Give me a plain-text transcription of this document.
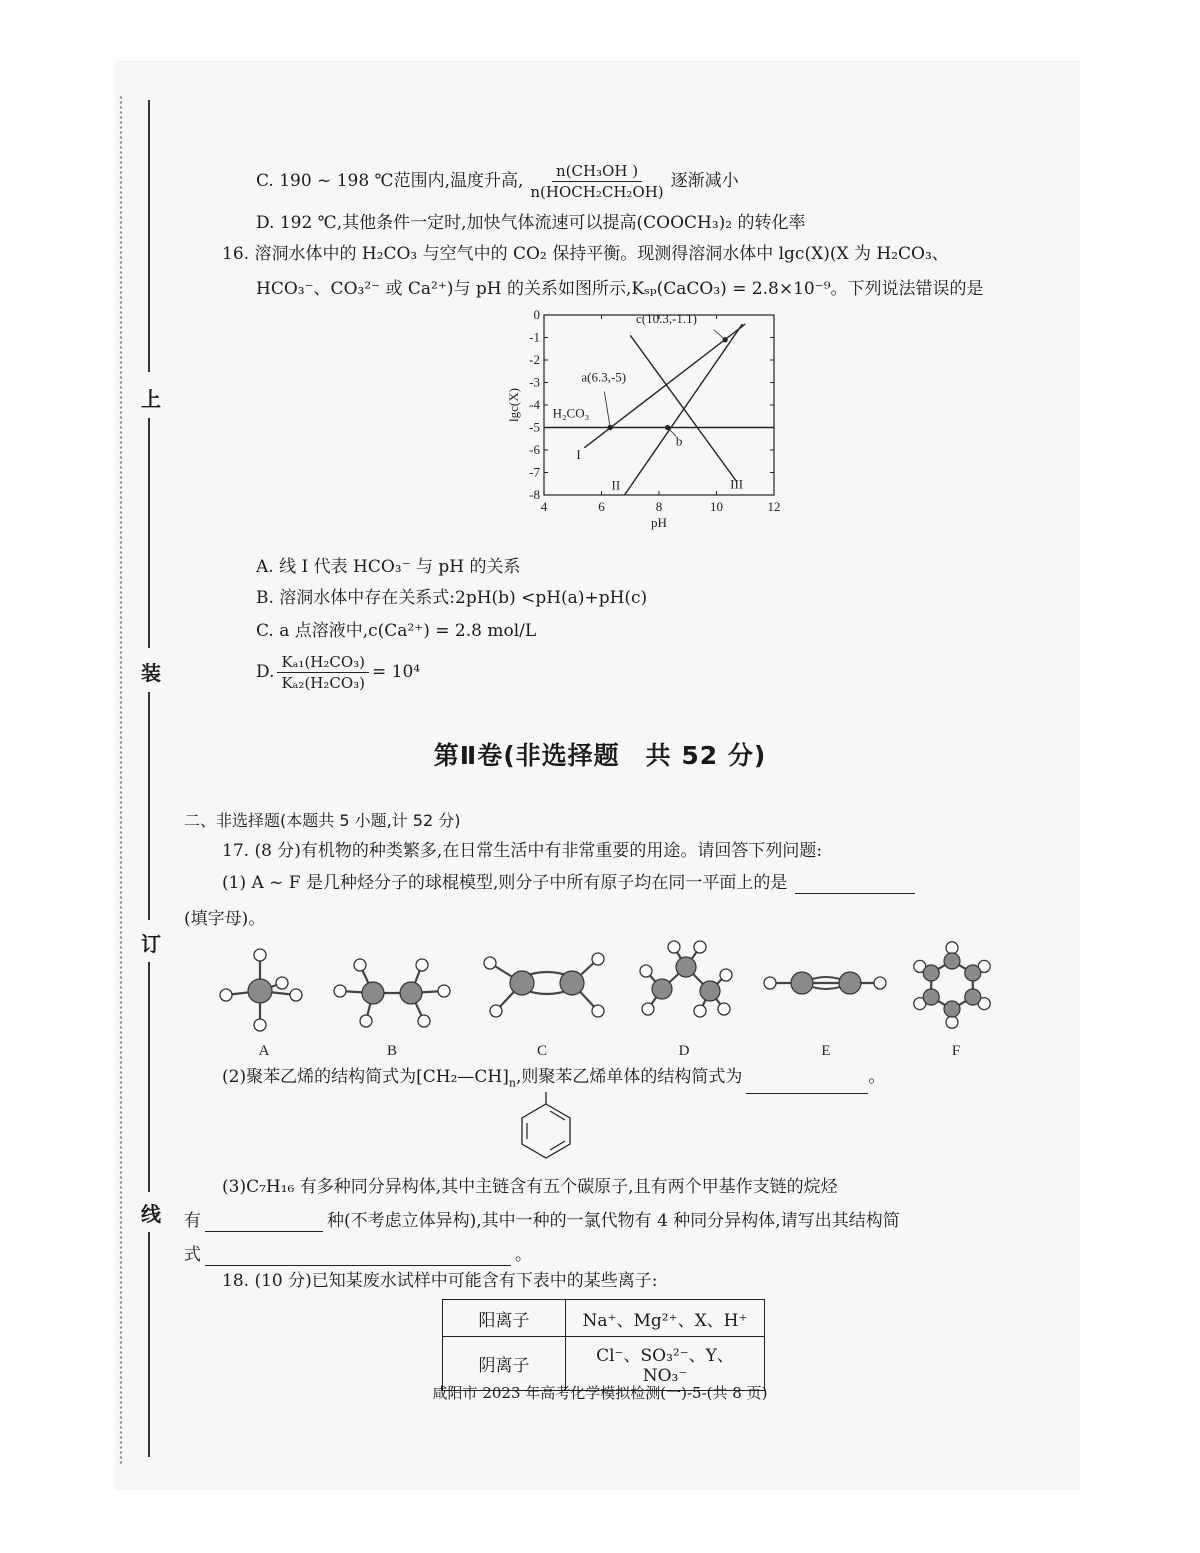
上
装
订
线
C. 190 ~ 198 ℃范围内,温度升高, $\frac{\text{n(CH₃OH )}}{\text{n(HOCH₂CH₂OH)}}$ 逐渐减小
D. 192 ℃,其他条件一定时,加快气体流速可以提高(COOCH₃)₂ 的转化率
16. 溶洞水体中的 H₂CO₃ 与空气中的 CO₂ 保持平衡。现测得溶洞水体中 lgc(X)(X 为 H₂CO₃、
HCO₃⁻、CO₃²⁻ 或 Ca²⁺)与 pH 的关系如图所示,Kₛₚ(CaCO₃) = 2.8×10⁻⁹。下列说法错误的是
4	6	8	10	12
0
-1
-2
-3
-4
-5
-6
-7
-8
pH
lgc(X)
I
II	III
H₂CO₃
a(6.3,-5)
b
c(10.3,-1.1)
A. 线 I 代表 HCO₃⁻ 与 pH 的关系
B. 溶洞水体中存在关系式:2pH(b) <pH(a)+pH(c)
C. a 点溶液中,c(Ca²⁺) = 2.8 mol/L
D. $\frac{\text{Kₐ₁(H₂CO₃)}}{\text{Kₐ₂(H₂CO₃)}} = 10^4$
第Ⅱ卷(非选择题　共 52 分)
二、非选择题(本题共 5 小题,计 52 分)
17. (8 分)有机物的种类繁多,在日常生活中有非常重要的用途。请回答下列问题:
(1) A ~ F 是几种烃分子的球棍模型,则分子中所有原子均在同一平面上的是
(填字母)。
A	B	C	D	E	F
(2)聚苯乙烯的结构简式为$[CH_2—CH]_n$,则聚苯乙烯单体的结构简式为	。
(3)C₇H₁₆ 有多种同分异构体,其中主链含有五个碳原子,且有两个甲基作支链的烷烃
有	种(不考虑立体异构),其中一种的一氯代物有 4 种同分异构体,请写出其结构简
式	。
18. (10 分)已知某废水试样中可能含有下表中的某些离子:
阳离子	Na⁺、Mg²⁺、X、H⁺
阴离子	Cl⁻、SO₃²⁻、Y、NO₃⁻
咸阳市 2023 年高考化学模拟检测(一)-5-(共 8 页)
